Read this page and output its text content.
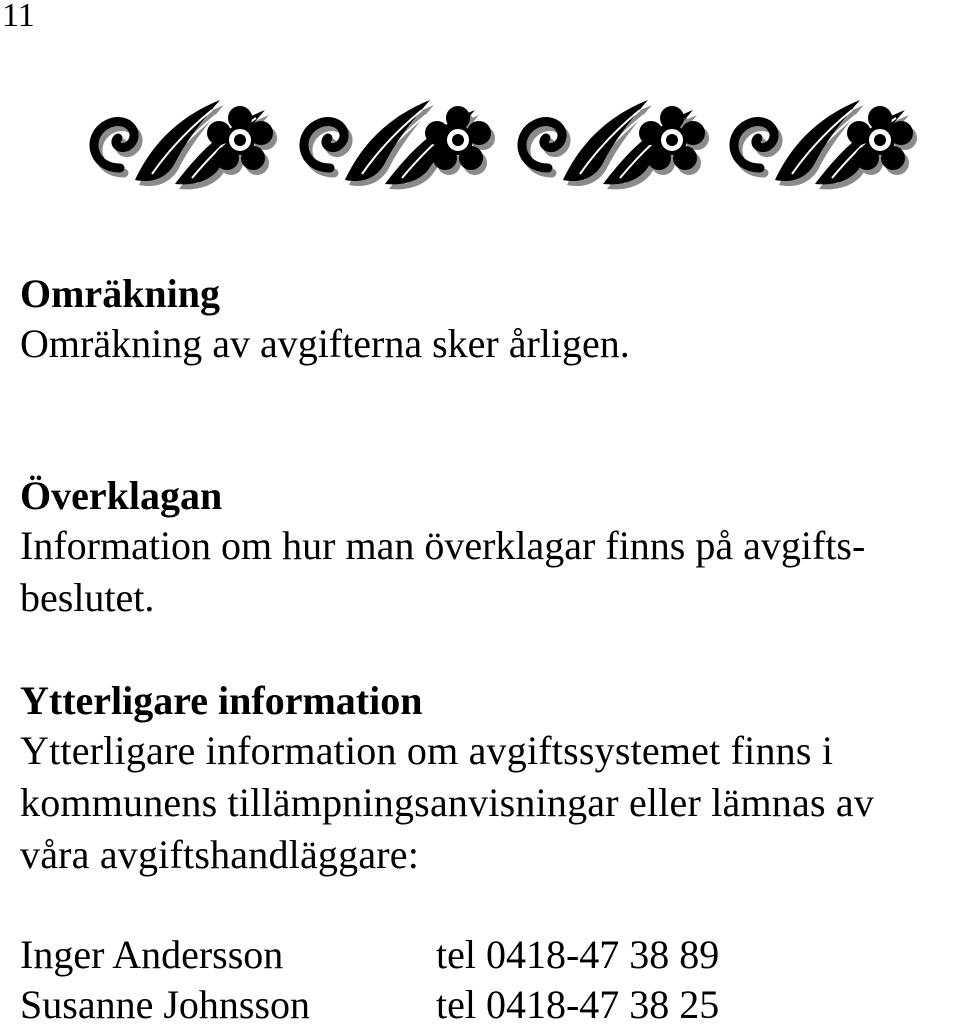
11

Omräkning

Omräkning av avgifterna sker årligen.

Överklagan

Information om hur man överklagar finns på avgifts-

beslutet.

Ytterligare information

Ytterligare information om avgiftssystemet finns i

kommunens tillämpningsanvisningar eller lämnas av

våra avgiftshandläggare:

Inger Andersson	tel 0418-47 38 89
Susanne Johnsson	tel 0418-47 38 25
